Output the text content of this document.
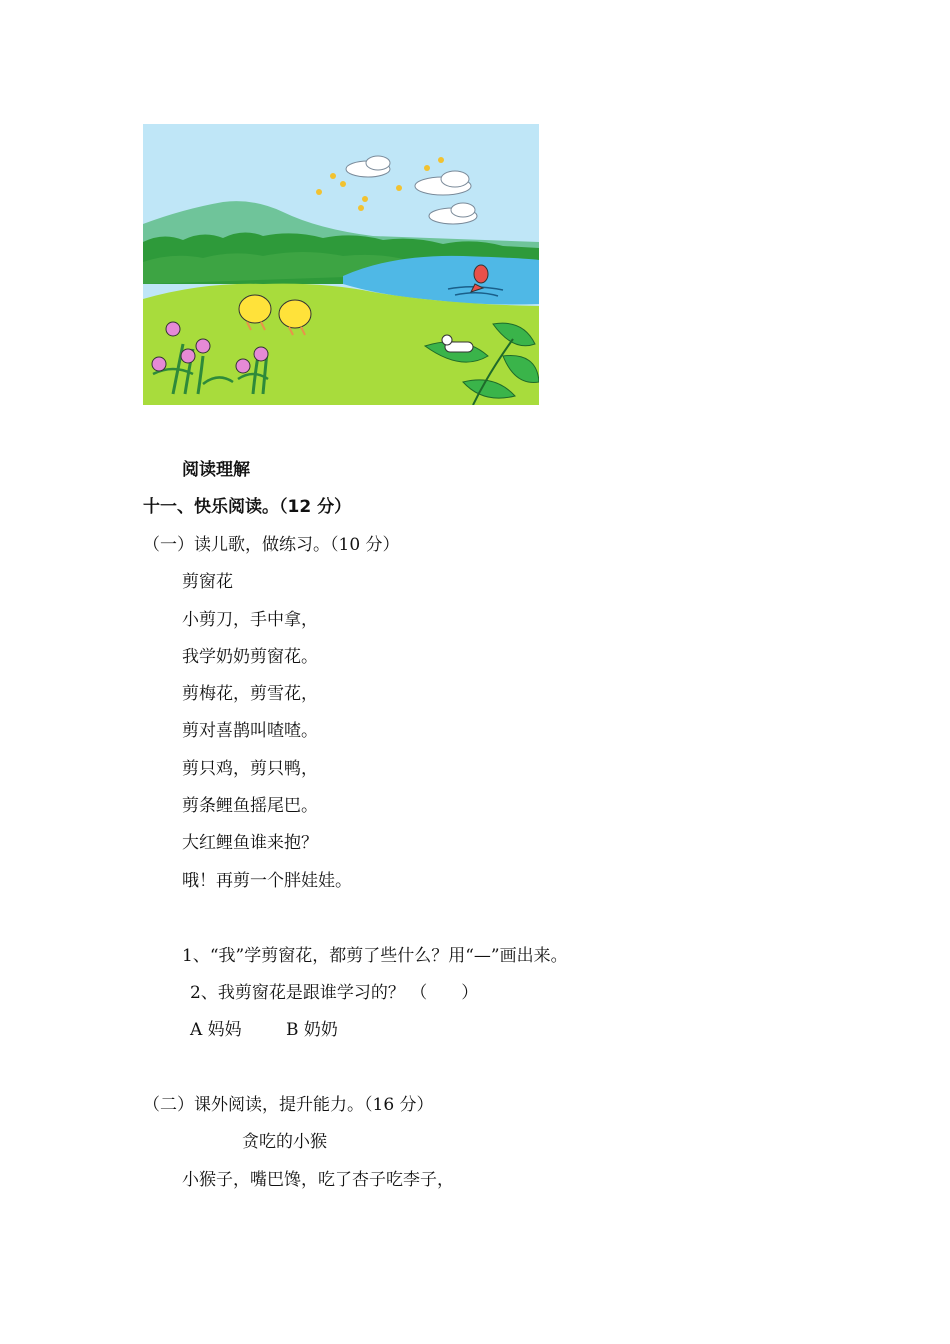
阅读理解
十一、快乐阅读。（12 分）
（一）读儿歌，做练习。（10 分）
剪窗花
小剪刀，手中拿，
我学奶奶剪窗花。
剪梅花，剪雪花，
剪对喜鹊叫喳喳。
剪只鸡，剪只鸭，
剪条鲤鱼摇尾巴。
大红鲤鱼谁来抱？
哦！再剪一个胖娃娃。
1、“我”学剪窗花，都剪了些什么？用“—”画出来。
2、我剪窗花是跟谁学习的？ （　　）
A 妈妈	B 奶奶
（二）课外阅读，提升能力。（16 分）
贪吃的小猴
小猴子，嘴巴馋，吃了杏子吃李子，
